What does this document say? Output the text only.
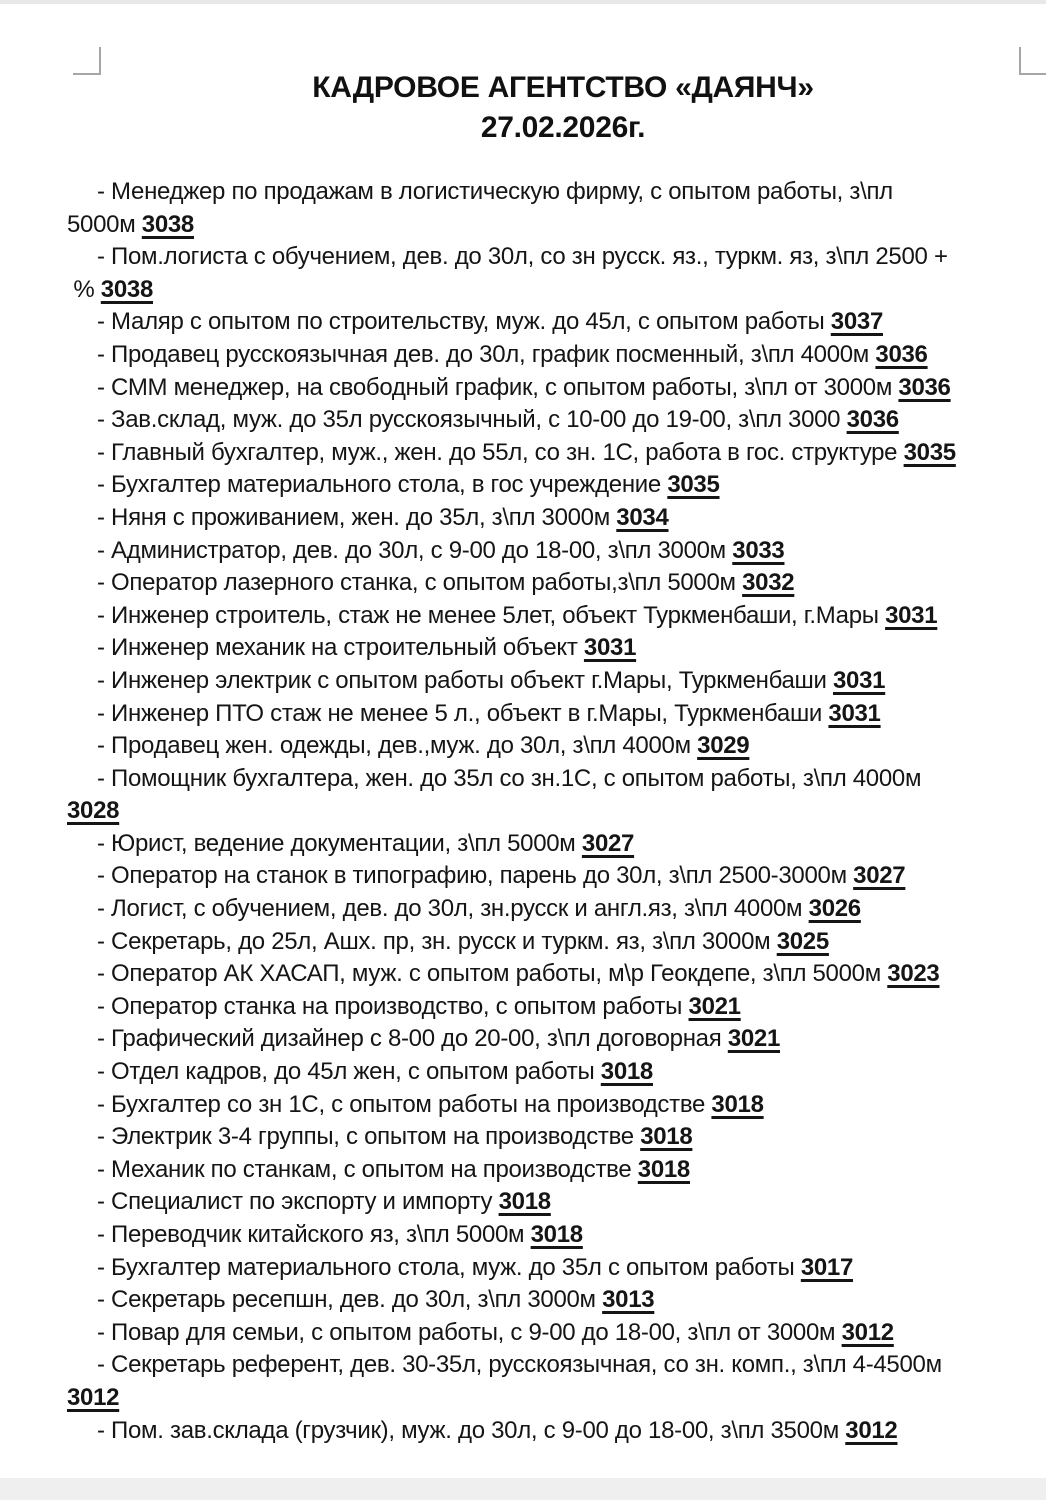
КАДРОВОЕ АГЕНТСТВО «ДАЯНЧ»
27.02.2026г.

- Менеджер по продажам в логистическую фирму, с опытом работы, з\пл
5000м 3038

- Пом.логиста с обучением, дев. до 30л, со зн русск. яз., туркм. яз, з\пл 2500 +
% 3038

- Маляр с опытом по строительству, муж. до 45л, с опытом работы 3037

- Продавец русскоязычная дев. до 30л, график посменный, з\пл 4000м 3036

- СММ менеджер, на свободный график, с опытом работы, з\пл от 3000м 3036

- Зав.склад, муж. до 35л русскоязычный, с 10-00 до 19-00, з\пл 3000 3036

- Главный бухгалтер, муж., жен. до 55л, со зн. 1С, работа в гос. структуре 3035

- Бухгалтер материального стола, в гос учреждение 3035

- Няня с проживанием, жен. до 35л, з\пл 3000м 3034

- Администратор, дев. до 30л, с 9-00 до 18-00, з\пл 3000м 3033

- Оператор лазерного станка, с опытом работы,з\пл 5000м 3032

- Инженер строитель, стаж не менее 5лет, объект Туркменбаши, г.Мары 3031

- Инженер механик на строительный объект 3031

- Инженер электрик с опытом работы объект г.Мары, Туркменбаши 3031

- Инженер ПТО стаж не менее 5 л., объект в г.Мары, Туркменбаши 3031

- Продавец жен. одежды, дев.,муж. до 30л, з\пл 4000м 3029

- Помощник бухгалтера, жен. до 35л со зн.1С, с опытом работы, з\пл 4000м
3028

- Юрист, ведение документации, з\пл 5000м 3027

- Оператор на станок в типографию, парень до 30л, з\пл 2500-3000м 3027

- Логист, с обучением, дев. до 30л, зн.русск и англ.яз, з\пл 4000м 3026

- Секретарь, до 25л, Ашх. пр, зн. русск и туркм. яз, з\пл 3000м 3025

- Оператор АК ХАСАП, муж. с опытом работы, м\р Геокдепе, з\пл 5000м 3023

- Оператор станка на производство, с опытом работы 3021

- Графический дизайнер с 8-00 до 20-00, з\пл договорная 3021

- Отдел кадров, до 45л жен, с опытом работы 3018

- Бухгалтер со зн 1С, с опытом работы на производстве 3018

- Электрик 3-4 группы, с опытом на производстве 3018

- Механик по станкам, с опытом на производстве 3018

- Специалист по экспорту и импорту 3018

- Переводчик китайского яз, з\пл 5000м 3018

- Бухгалтер материального стола, муж. до 35л с опытом работы 3017

- Секретарь ресепшн, дев. до 30л, з\пл 3000м 3013

- Повар для семьи, с опытом работы, с 9-00 до 18-00, з\пл от 3000м 3012

- Секретарь референт, дев. 30-35л, русскоязычная, со зн. комп., з\пл 4-4500м
3012

- Пом. зав.склада (грузчик), муж. до 30л, с 9-00 до 18-00, з\пл 3500м 3012
